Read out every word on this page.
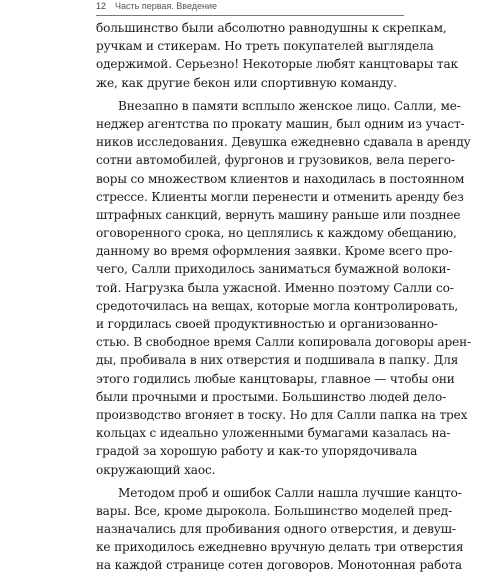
12 Часть первая. Введение
большинство были абсолютно равнодушны к скрепкам,
ручкам и стикерам. Но треть покупателей выглядела
одержимой. Серьезно! Некоторые любят канцтовары так
же, как другие бекон или спортивную команду.
Внезапно в памяти всплыло женское лицо. Салли, ме-
неджер агентства по прокату машин, был одним из участ-
ников исследования. Девушка ежедневно сдавала в аренду
сотни автомобилей, фургонов и грузовиков, вела перего-
воры со множеством клиентов и находилась в постоянном
стрессе. Клиенты могли перенести и отменить аренду без
штрафных санкций, вернуть машину раньше или позднее
оговоренного срока, но цеплялись к каждому обещанию,
данному во время оформления заявки. Кроме всего про-
чего, Салли приходилось заниматься бумажной волоки-
той. Нагрузка была ужасной. Именно поэтому Салли со-
средоточилась на вещах, которые могла контролировать,
и гордилась своей продуктивностью и организованно-
стью. В свободное время Салли копировала договоры арен-
ды, пробивала в них отверстия и подшивала в папку. Для
этого годились любые канцтовары, главное — чтобы они
были прочными и простыми. Большинство людей дело-
производство вгоняет в тоску. Но для Салли папка на трех
кольцах с идеально уложенными бумагами казалась на-
градой за хорошую работу и как-то упорядочивала
окружающий хаос.
Методом проб и ошибок Салли нашла лучшие канцто-
вары. Все, кроме дырокола. Большинство моделей пред-
назначались для пробивания одного отверстия, и девуш-
ке приходилось ежедневно вручную делать три отверстия
на каждой странице сотен договоров. Монотонная работа
